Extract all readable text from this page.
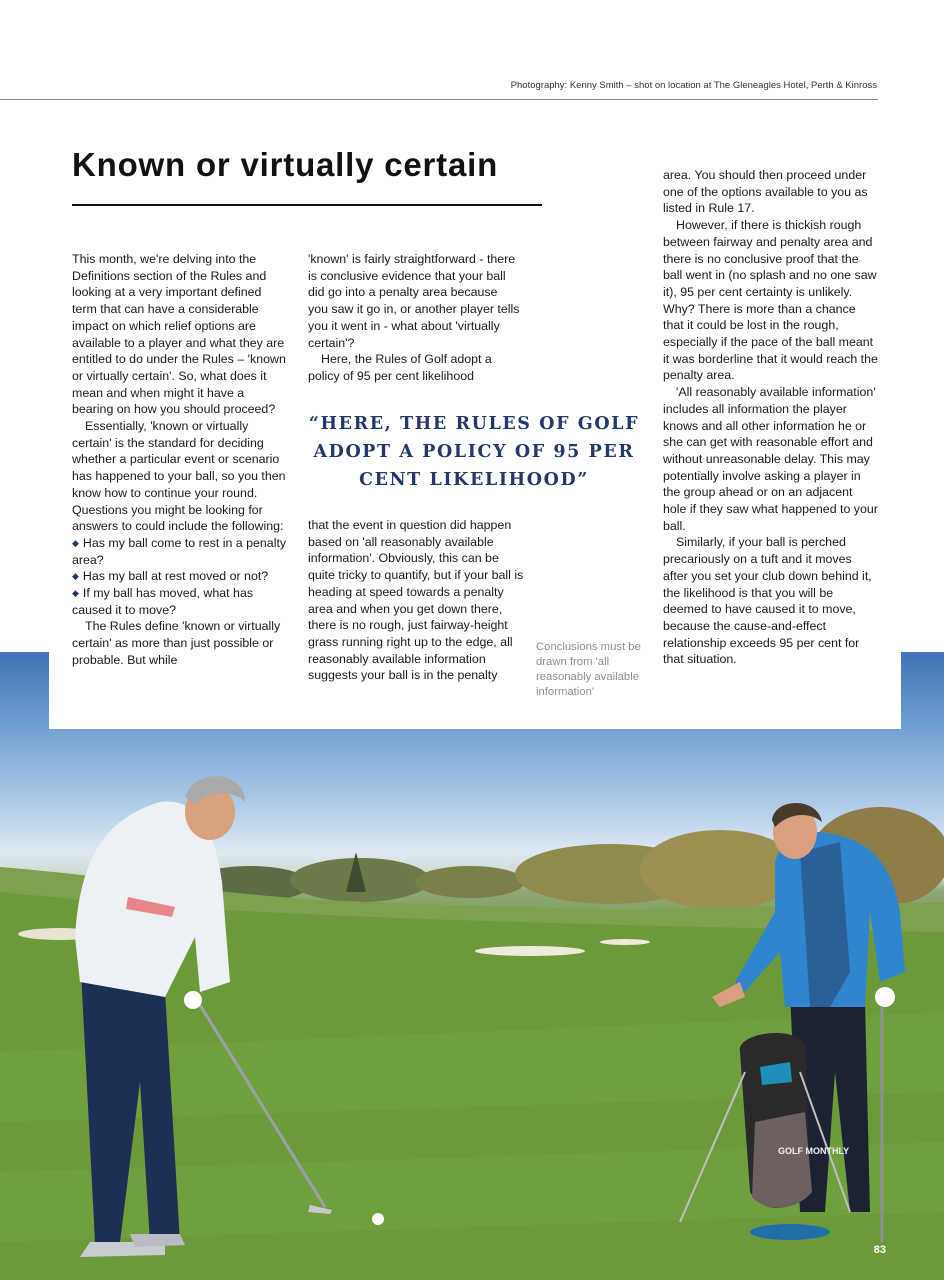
GOLF MONTHLY
83
Photography: Kenny Smith – shot on location at The Gleneagles Hotel, Perth & Kinross
Known or virtually certain

This month, we're delving into the Definitions section of the Rules and looking at a very important defined term that can have a considerable impact on which relief options are available to a player and what they are entitled to do under the Rules – 'known or virtually certain'. So, what does it mean and when might it have a bearing on how you should proceed?

Essentially, 'known or virtually certain' is the standard for deciding whether a particular event or scenario has happened to your ball, so you then know how to continue your round. Questions you might be looking for answers to could include the following:

◆ Has my ball come to rest in a penalty area?

◆ Has my ball at rest moved or not?

◆ If my ball has moved, what has caused it to move?

The Rules define 'known or virtually certain' as more than just possible or probable. But while

'known' is fairly straightforward - there is conclusive evidence that your ball did go into a penalty area because you saw it go in, or another player tells you it went in - what about 'virtually certain'?

Here, the Rules of Golf adopt a policy of 95 per cent likelihood

“HERE, THE RULES OF GOLF ADOPT A POLICY OF 95 PER CENT LIKELIHOOD”

that the event in question did happen based on 'all reasonably available information'. Obviously, this can be quite tricky to quantify, but if your ball is heading at speed towards a penalty area and when you get down there, there is no rough, just fairway-height grass running right up to the edge, all reasonably available information suggests your ball is in the penalty

Conclusions must be drawn from 'all reasonably available information'

area. You should then proceed under one of the options available to you as listed in Rule 17.

However, if there is thickish rough between fairway and penalty area and there is no conclusive proof that the ball went in (no splash and no one saw it), 95 per cent certainty is unlikely. Why? There is more than a chance that it could be lost in the rough, especially if the pace of the ball meant it was borderline that it would reach the penalty area.

'All reasonably available information' includes all information the player knows and all other information he or she can get with reasonable effort and without unreasonable delay. This may potentially involve asking a player in the group ahead or on an adjacent hole if they saw what happened to your ball.

Similarly, if your ball is perched precariously on a tuft and it moves after you set your club down behind it, the likelihood is that you will be deemed to have caused it to move, because the cause-and-effect relationship exceeds 95 per cent for that situation.
